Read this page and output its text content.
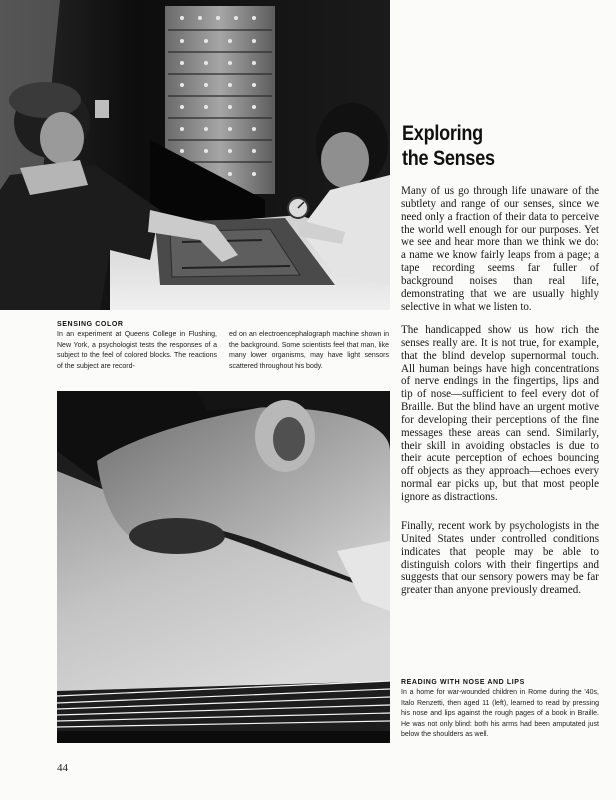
Exploring
the Senses

Many of us go through life unaware of the subtlety and range of our senses, since we need only a fraction of their data to perceive the world well enough for our purposes. Yet we see and hear more than we think we do: a name we know fairly leaps from a page; a tape recording seems far fuller of background noises than real life, demonstrating that we are usually highly selective in what we listen to.

The handicapped show us how rich the senses really are. It is not true, for example, that the blind develop supernormal touch. All human beings have high concentrations of nerve endings in the fingertips, lips and tip of nose—sufficient to feel every dot of Braille. But the blind have an urgent motive for developing their perceptions of the fine messages these areas can send. Similarly, their skill in avoiding obstacles is due to their acute perception of echoes bouncing off objects as they approach—echoes every normal ear picks up, but that most people ignore as distractions.

Finally, recent work by psychologists in the United States under controlled conditions indicates that people may be able to distinguish colors with their fingertips and suggests that our sensory powers may be far greater than anyone previously dreamed.

SENSING COLOR
In an experiment at Queens College in Flushing, New York, a psychologist tests the responses of a subject to the feel of colored blocks. The reactions of the subject are record-
ed on an electroencephalograph machine shown in the background. Some scientists feel that man, like many lower organisms, may have light sensors scattered throughout his body.
READING WITH NOSE AND LIPS
In a home for war-wounded children in Rome during the '40s, Italo Renzetti, then aged 11 (left), learned to read by pressing his nose and lips against the rough pages of a book in Braille. He was not only blind: both his arms had been amputated just below the shoulders as well.
44
